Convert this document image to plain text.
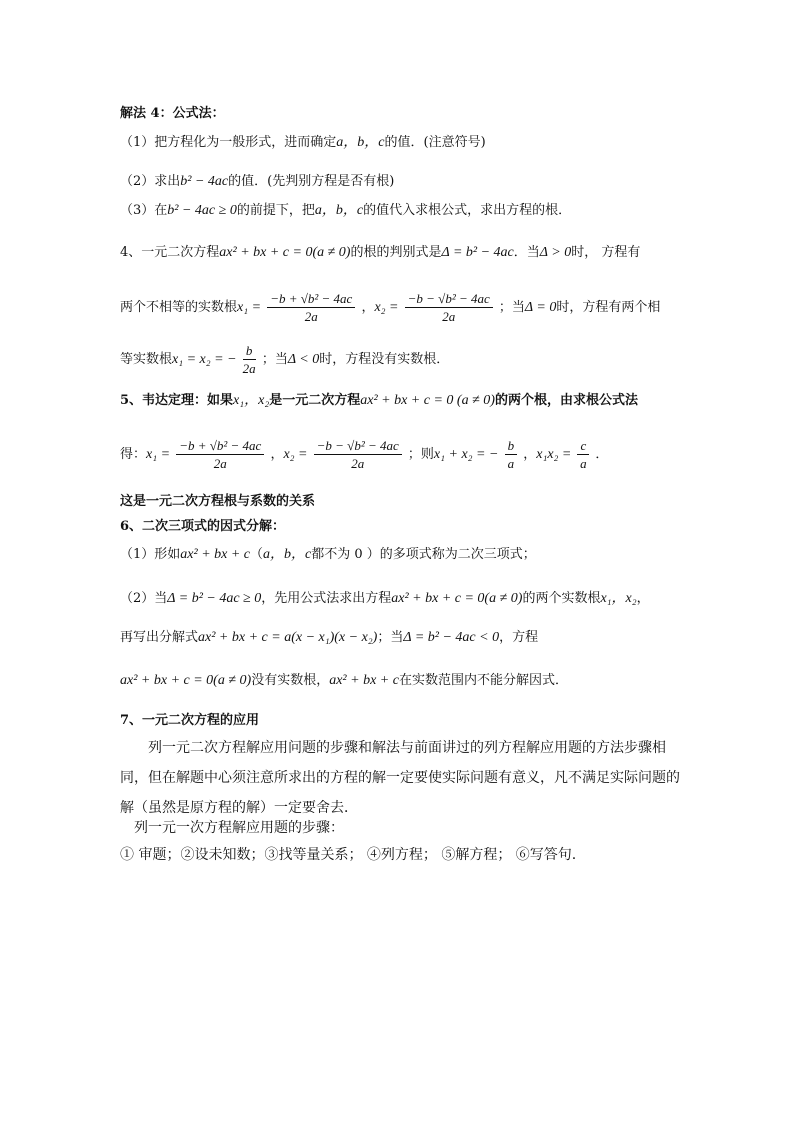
解法 4：公式法：
（1）把方程化为一般形式，进而确定a，b，c的值．(注意符号)
（2）求出b² − 4ac的值．(先判别方程是否有根)
（3）在b² − 4ac ≥ 0的前提下，把a，b，c的值代入求根公式，求出方程的根．
4、一元二次方程ax² + bx + c = 0(a ≠ 0)的根的判别式是Δ = b² − 4ac．当Δ > 0时， 方程有
两个不相等的实数根$x_1 = \frac{\text{−b + √b² − 4ac}}{2a}$ ，$x_2 = \frac{\text{−b − √b² − 4ac}}{2a}$ ；当Δ = 0时，方程有两个相
等实数根x₁ = x₂ = − $\frac{b}{2a}$ ；当Δ < 0时，方程没有实数根．
5、韦达定理：如果x₁，x₂是一元二次方程ax² + bx + c = 0 (a ≠ 0)的两个根，由求根公式法
得：$x_1 = \frac{\text{−b + √b² − 4ac}}{2a}$ ，$x_2 = \frac{\text{−b − √b² − 4ac}}{2a}$ ；则x₁ + x₂ = − $\frac{b}{a}$ ，$x_1x_2 = \frac{c}{a}$ ．
这是一元二次方程根与系数的关系
6、二次三项式的因式分解：
（1）形如ax² + bx + c（a，b，c都不为 0 ）的多项式称为二次三项式；
（2）当Δ = b² − 4ac ≥ 0，先用公式法求出方程ax² + bx + c = 0(a ≠ 0)的两个实数根x₁，x₂，
再写出分解式ax² + bx + c = a(x − x₁)(x − x₂)；当Δ = b² − 4ac < 0，方程
ax² + bx + c = 0(a ≠ 0)没有实数根，ax² + bx + c在实数范围内不能分解因式．
7、一元二次方程的应用
列一元二次方程解应用问题的步骤和解法与前面讲过的列方程解应用题的方法步骤相同，但在解题中心须注意所求出的方程的解一定要使实际问题有意义，凡不满足实际问题的解（虽然是原方程的解）一定要舍去．
列一元一次方程解应用题的步骤：
① 审题；②设未知数；③找等量关系； ④列方程； ⑤解方程； ⑥写答句.
